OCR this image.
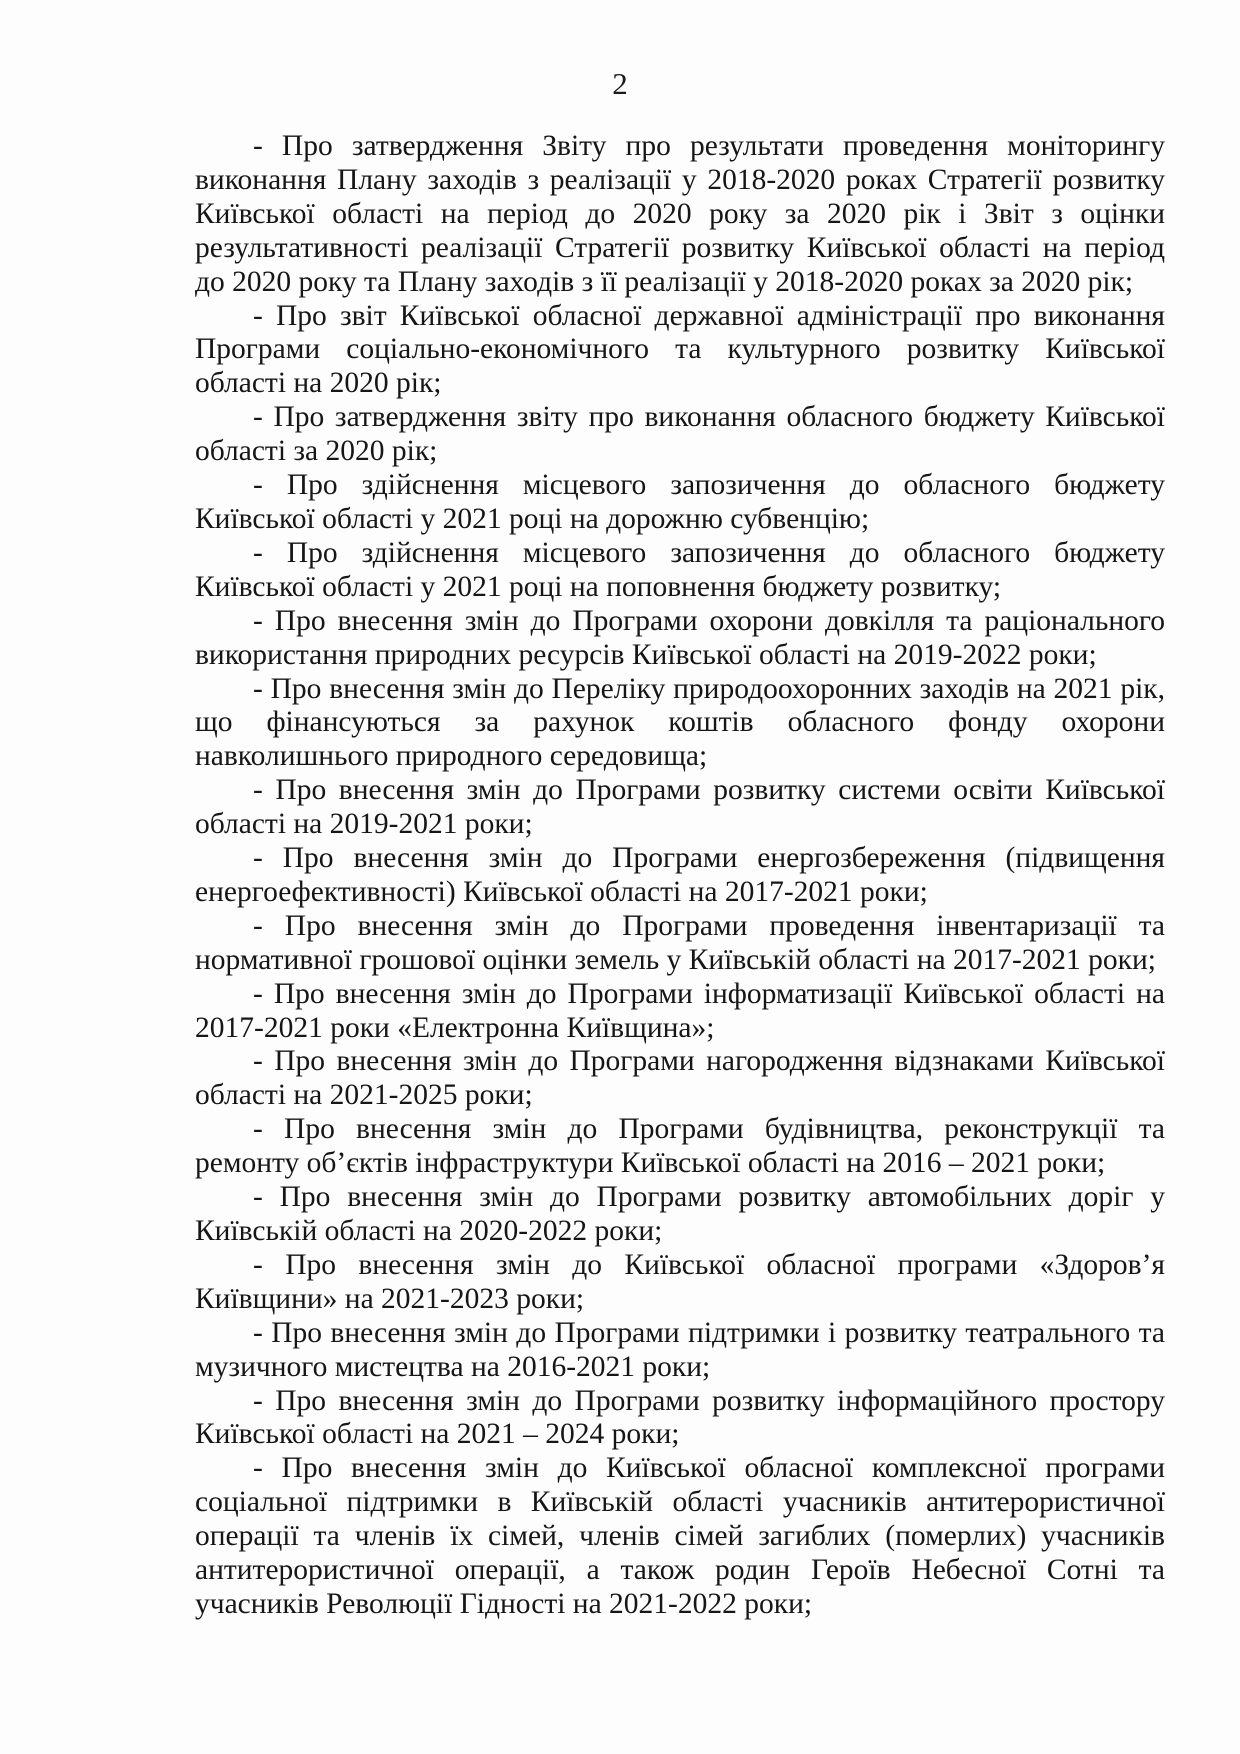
2

- Про затвердження Звіту про результати проведення моніторингу виконання Плану заходів з реалізації у 2018-2020 роках Стратегії розвитку Київської області на період до 2020 року за 2020 рік і Звіт з оцінки результативності реалізації Стратегії розвитку Київської області на період до 2020 року та Плану заходів з її реалізації у 2018-2020 роках за 2020 рік;

- Про звіт Київської обласної державної адміністрації про виконання Програми соціально-економічного та культурного розвитку Київської області на 2020 рік;

- Про затвердження звіту про виконання обласного бюджету Київської області за 2020 рік;

- Про здійснення місцевого запозичення до обласного бюджету Київської області у 2021 році на дорожню субвенцію;

- Про здійснення місцевого запозичення до обласного бюджету Київської області у 2021 році на поповнення бюджету розвитку;

- Про внесення змін до Програми охорони довкілля та раціонального використання природних ресурсів Київської області на 2019-2022 роки;

- Про внесення змін до Переліку природоохоронних заходів на 2021 рік, що фінансуються за рахунок коштів обласного фонду охорони навколишнього природного середовища;

- Про внесення змін до Програми розвитку системи освіти Київської області на 2019-2021 роки;

- Про внесення змін до Програми енергозбереження (підвищення енергоефективності) Київської області на 2017-2021 роки;

- Про внесення змін до Програми проведення інвентаризації та нормативної грошової оцінки земель у Київській області на 2017-2021 роки;

- Про внесення змін до Програми інформатизації Київської області на 2017-2021 роки «Електронна Київщина»;

- Про внесення змін до Програми нагородження відзнаками Київської області на 2021-2025 роки;

- Про внесення змін до Програми будівництва, реконструкції та ремонту об’єктів інфраструктури Київської області на 2016 – 2021 роки;

- Про внесення змін до Програми розвитку автомобільних доріг у Київській області на 2020-2022 роки;

- Про внесення змін до Київської обласної програми «Здоров’я Київщини» на 2021-2023 роки;

- Про внесення змін до Програми підтримки і розвитку театрального та музичного мистецтва на 2016-2021 роки;

- Про внесення змін до Програми розвитку інформаційного простору Київської області на 2021 – 2024 роки;

- Про внесення змін до Київської обласної комплексної програми соціальної підтримки в Київській області учасників антитерористичної операції та членів їх сімей, членів сімей загиблих (померлих) учасників антитерористичної операції, а також родин Героїв Небесної Сотні та учасників Революції Гідності на 2021-2022 роки;
